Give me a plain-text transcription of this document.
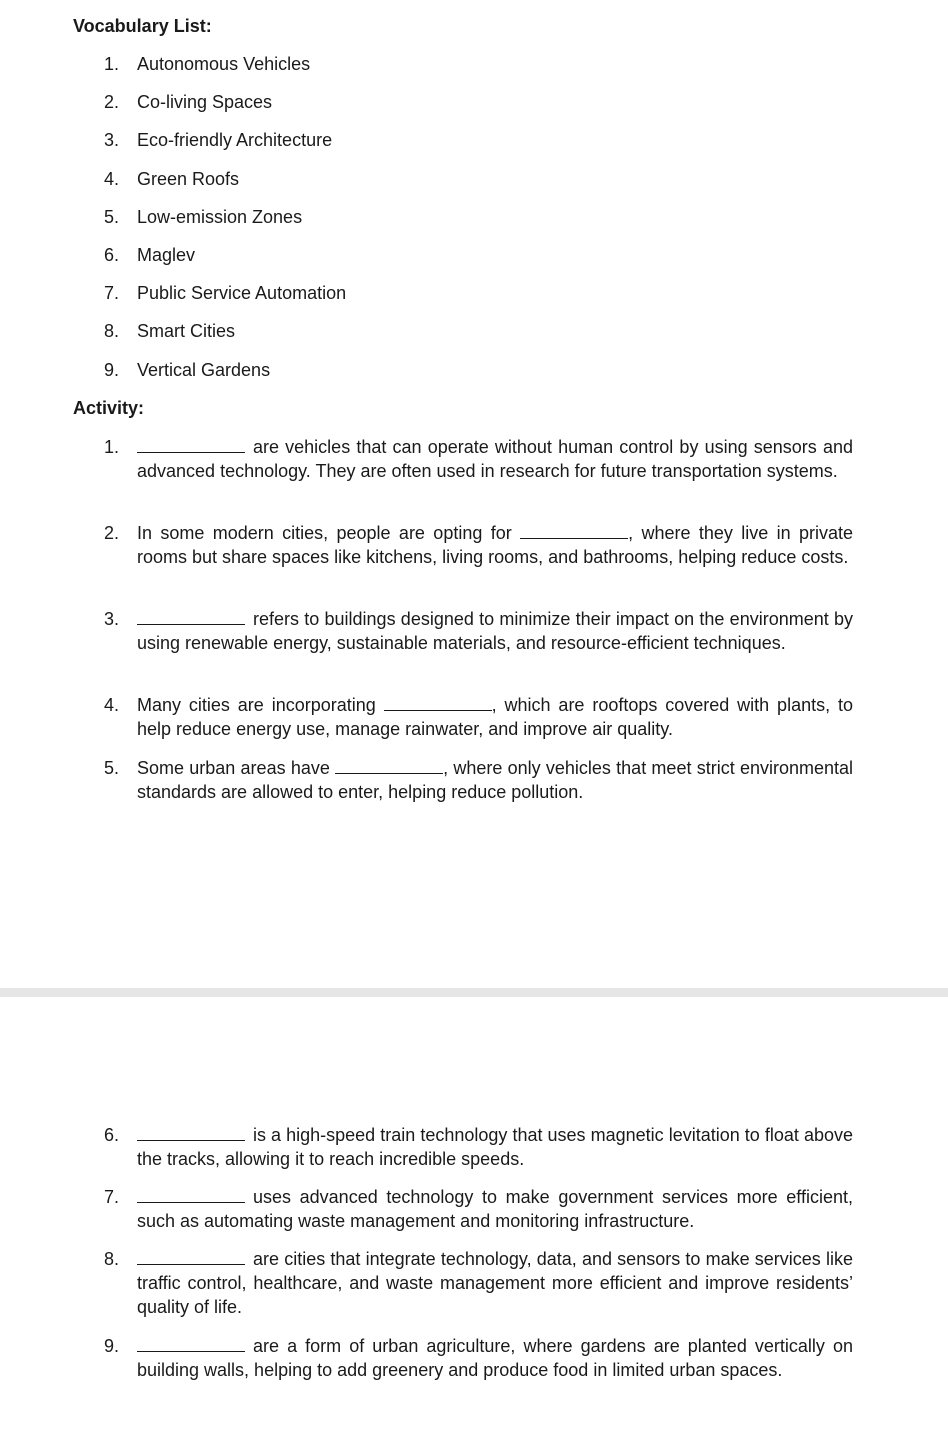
Vocabulary List:
1. Autonomous Vehicles
2. Co-living Spaces
3. Eco-friendly Architecture
4. Green Roofs
5. Low-emission Zones
6. Maglev
7. Public Service Automation
8. Smart Cities
9. Vertical Gardens
Activity:
1.	are vehicles that can operate without human control by using sensors and advanced technology. They are often used in research for future transportation systems.

2. In some modern cities, people are opting for	, where they live in private rooms but share spaces like kitchens, living rooms, and bathrooms, helping reduce costs.

3.	refers to buildings designed to minimize their impact on the environment by using renewable energy, sustainable materials, and resource-efficient techniques.

4. Many cities are incorporating	, which are rooftops covered with plants, to help reduce energy use, manage rainwater, and improve air quality.

5. Some urban areas have	, where only vehicles that meet strict environmental standards are allowed to enter, helping reduce pollution.

6.	is a high-speed train technology that uses magnetic levitation to float above the tracks, allowing it to reach incredible speeds.

7.	uses advanced technology to make government services more efficient, such as automating waste management and monitoring infrastructure.

8.	are cities that integrate technology, data, and sensors to make services like traffic control, healthcare, and waste management more efficient and improve residents’ quality of life.

9.	are a form of urban agriculture, where gardens are planted vertically on building walls, helping to add greenery and produce food in limited urban spaces.
